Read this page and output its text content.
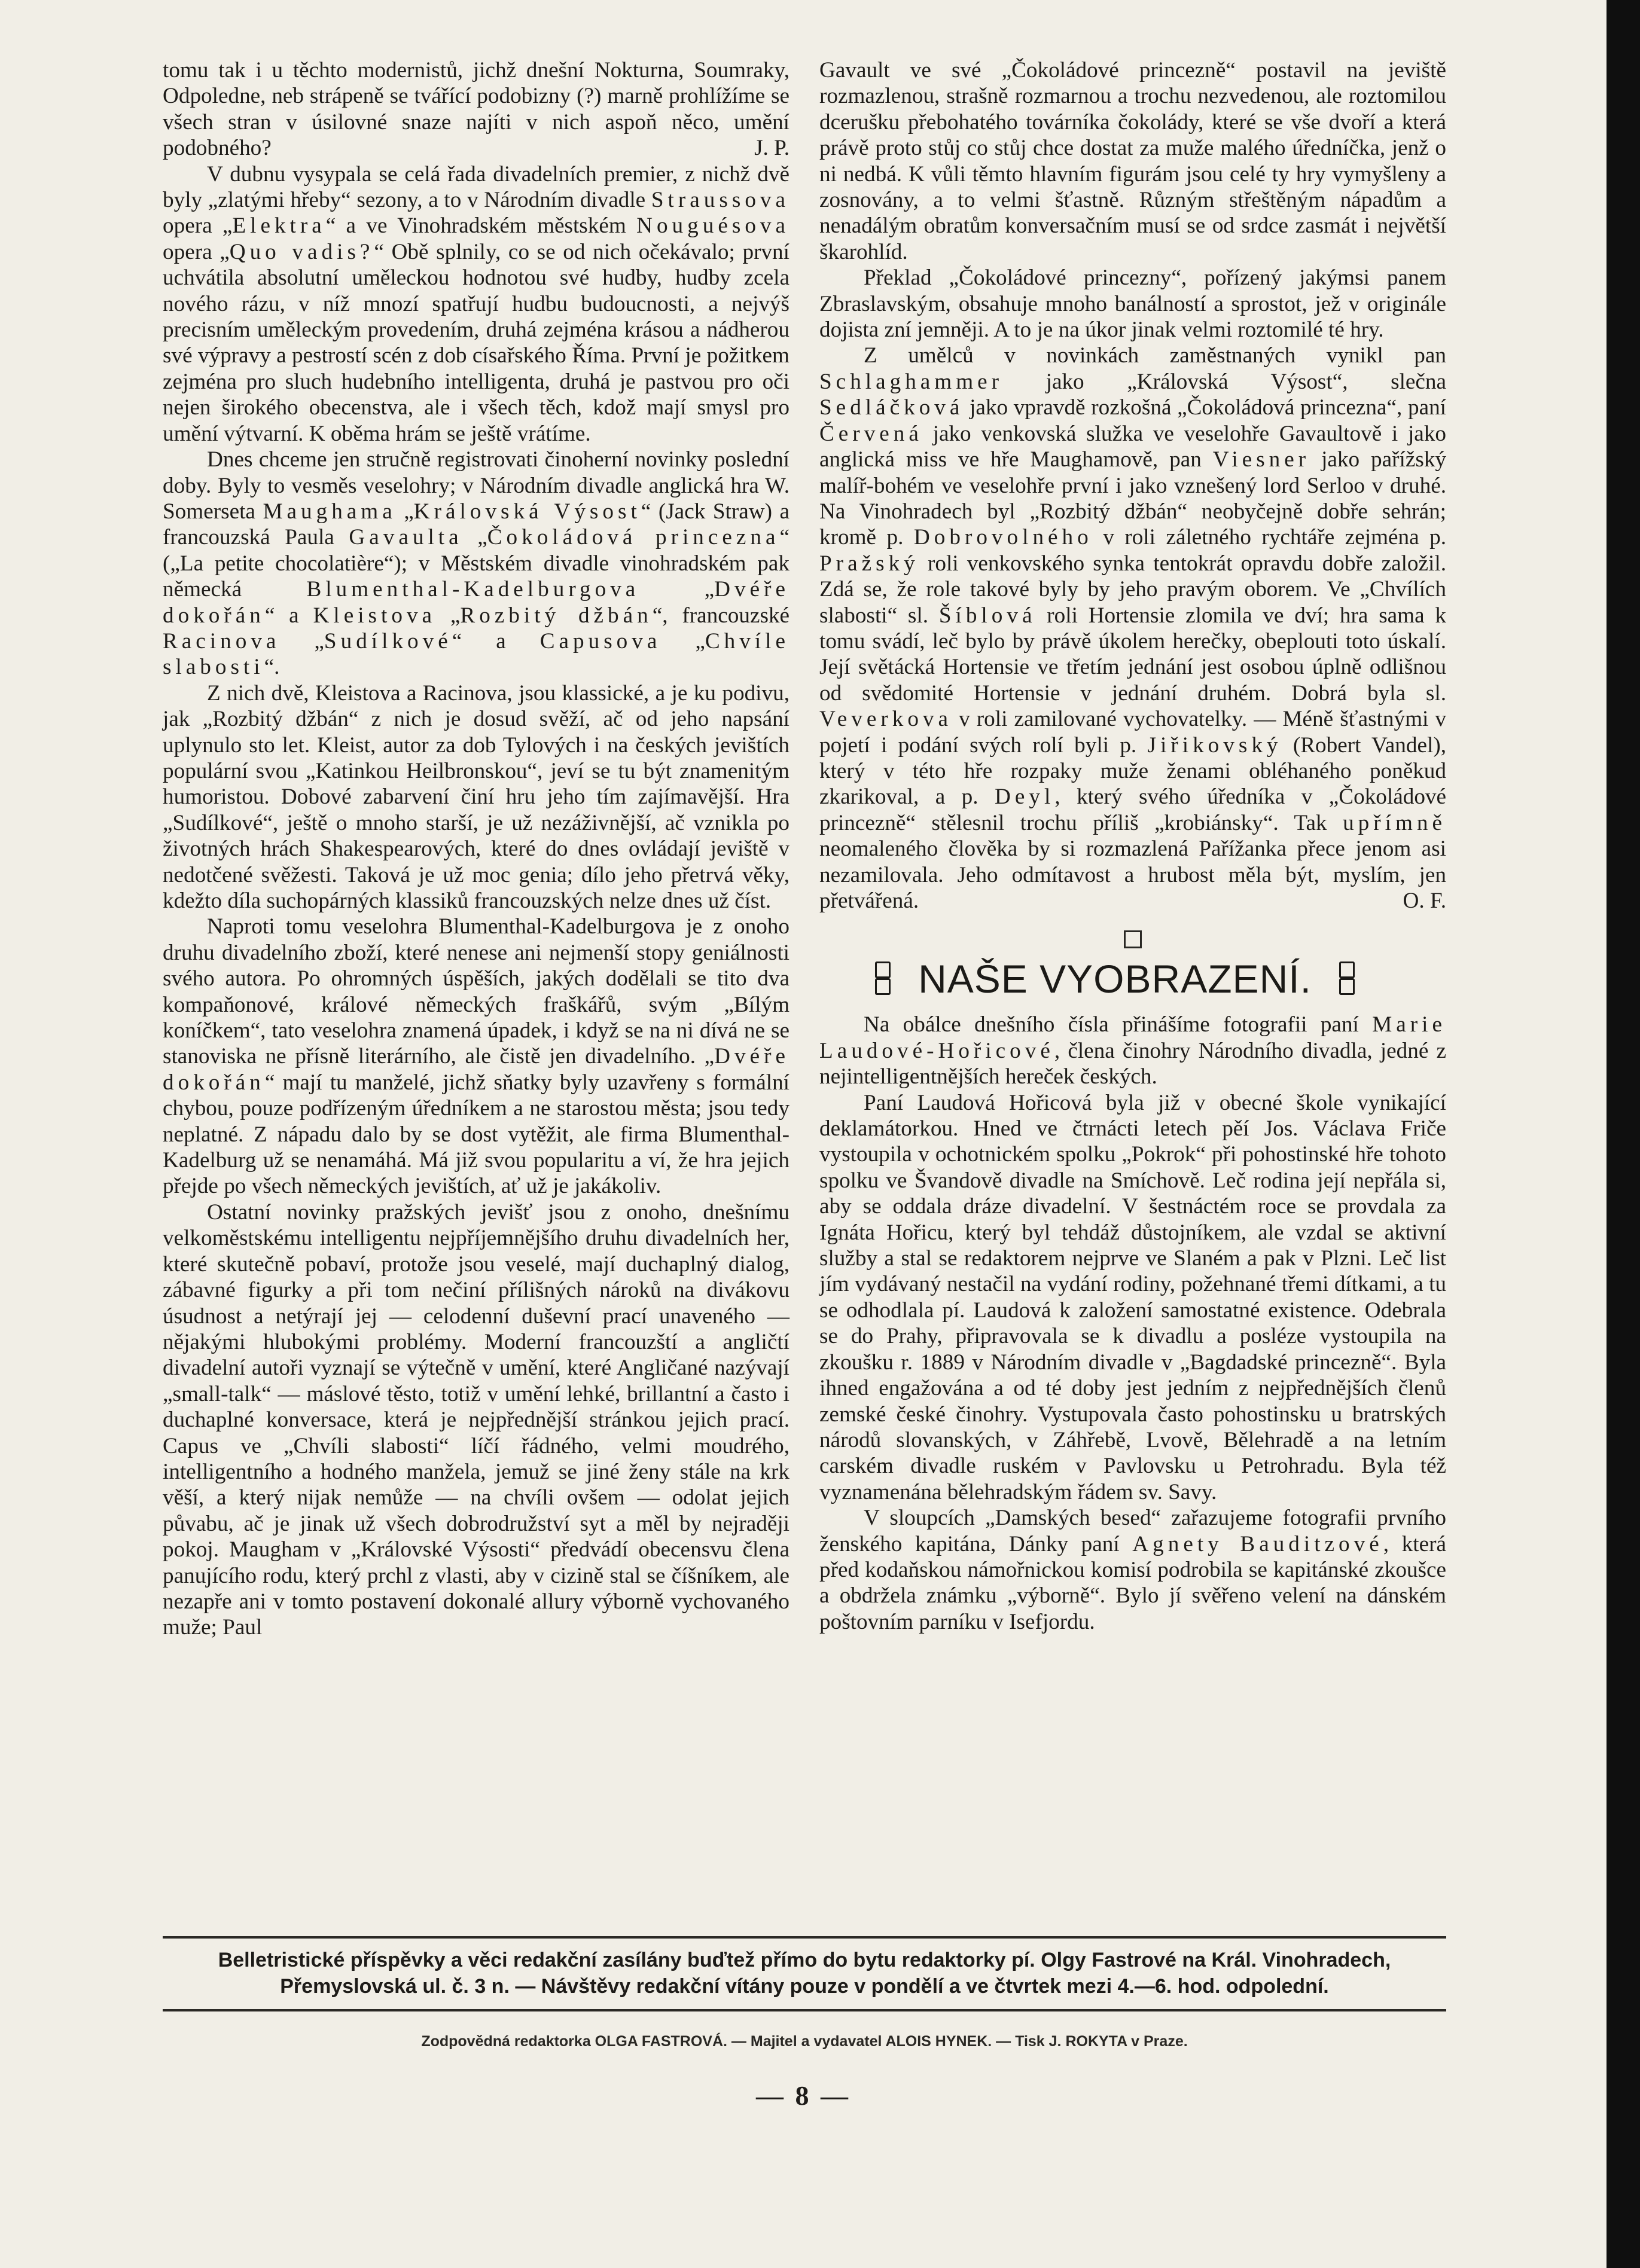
tomu tak i u těchto modernistů, jichž dnešní Nokturna, Soumraky, Odpoledne, neb strápeně se tvářící podobizny (?) marně prohlížíme se všech stran v úsilovné snaze najíti v nich aspoň něco, umění podobného?	J. P.

V dubnu vysypala se celá řada divadelních premier, z nichž dvě byly „zlatými hřeby“ sezony, a to v Národním divadle Straussova opera „Elektra“ a ve Vinohradském městském Nouguésova opera „Quo vadis?“ Obě splnily, co se od nich očekávalo; první uchvátila absolutní uměleckou hodnotou své hudby, hudby zcela nového rázu, v níž mnozí spatřují hudbu budoucnosti, a nejvýš precisním uměleckým provedením, druhá zejména krásou a nádherou své výpravy a pestrostí scén z dob císařského Říma. První je požitkem zejména pro sluch hudebního intelligenta, druhá je pastvou pro oči nejen širokého obecenstva, ale i všech těch, kdož mají smysl pro umění výtvarní. K oběma hrám se ještě vrátíme.

Dnes chceme jen stručně registrovati činoherní novinky poslední doby. Byly to vesměs veselohry; v Národním divadle anglická hra W. Somerseta Maughama „Královská Výsost“ (Jack Straw) a francouzská Paula Gavaulta „Čokoládová princezna“ („La petite chocolatière“); v Městském divadle vinohradském pak německá	Blumenthal-Kadelburgova	„Dvéře dokořán“ a Kleistova „Rozbitý džbán“, francouzské Racinova „Sudílkové“ a Capusova „Chvíle slabosti“.

Z nich dvě, Kleistova a Racinova, jsou klassické, a je ku podivu, jak „Rozbitý džbán“ z nich je dosud svěží, ač od jeho napsání uplynulo sto let. Kleist, autor za dob Tylových i na českých jevištích populární svou „Katinkou Heilbronskou“, jeví se tu být znamenitým humoristou. Dobové zabarvení činí hru jeho tím zajímavější. Hra „Sudílkové“, ještě o mnoho starší, je už nezáživnější, ač vznikla po životných hrách Shakespearových, které do dnes ovládají jeviště v nedotčené svěžesti. Taková je už moc genia; dílo jeho přetrvá věky, kdežto díla suchopárných klassiků francouzských nelze dnes už číst.

Naproti tomu veselohra Blumenthal-Kadelburgova je z onoho druhu divadelního zboží, které nenese ani nejmenší stopy geniálnosti svého autora. Po ohromných úspěších, jakých dodělali se tito dva kompaňonové, králové německých fraškářů, svým „Bílým koníčkem“, tato veselohra znamená úpadek, i když se na ni dívá ne se stanoviska ne přísně literárního, ale čistě jen divadelního. „Dvéře dokořán“ mají tu manželé, jichž sňatky byly uzavřeny s formální chybou, pouze podřízeným úředníkem a ne starostou města; jsou tedy neplatné. Z nápadu dalo by se dost vytěžit, ale firma Blumenthal-Kadelburg už se nenamáhá. Má již svou popularitu a ví, že hra jejich přejde po všech německých jevištích, ať už je jakákoliv.

Ostatní novinky pražských jevišť jsou z onoho, dnešnímu velkoměstskému intelligentu nejpříjemnějšího druhu divadelních her, které skutečně pobaví, protože jsou veselé, mají duchaplný dialog, zábavné figurky a při tom nečiní přílišných nároků na divákovu úsudnost a netýrají jej — celodenní duševní prací unaveného — nějakými hlubokými problémy. Moderní francouzští a angličtí divadelní autoři vyznají se výtečně v umění, které Angličané nazývají „small-talk“ — máslové těsto, totiž v umění lehké, brillantní a často i duchaplné konversace, která je nejpřednější stránkou jejich prací. Capus ve „Chvíli slabosti“ líčí řádného, velmi moudrého, intelligentního a hodného manžela, jemuž se jiné ženy stále na krk věší, a který nijak nemůže — na chvíli ovšem — odolat jejich půvabu, ač je jinak už všech dobrodružství syt a měl by nejraději pokoj. Maugham v „Královské Výsosti“ předvádí obecensvu člena panujícího rodu, který prchl z vlasti, aby v cizině stal se číšníkem, ale nezapře ani v tomto postavení dokonalé allury výborně vychovaného muže; Paul

Gavault ve své „Čokoládové princezně“ postavil na jeviště rozmazlenou, strašně rozmarnou a trochu nezvedenou, ale roztomilou dcerušku přebohatého továrníka čokolády, které se vše dvoří a která právě proto stůj co stůj chce dostat za muže malého úředníčka, jenž o ni nedbá. K vůli těmto hlavním figurám jsou celé ty hry vymyšleny a zosnovány, a to velmi šťastně. Různým střeštěným nápadům a nenadálým obratům konversačním musí se od srdce zasmát i největší škarohlíd.

Překlad „Čokoládové princezny“, pořízený jakýmsi panem Zbraslavským, obsahuje mnoho banálností a sprostot, jež v originále dojista zní jemněji. A to je na úkor jinak velmi roztomilé té hry.

Z umělců v novinkách zaměstnaných vynikl pan Schlaghammer jako „Královská Výsost“, slečna Sedláčková jako vpravdě rozkošná „Čokoládová princezna“, paní Červená jako venkovská služka ve veselohře Gavaultově i jako anglická miss ve hře Maughamově, pan Viesner jako pařížský malíř-bohém ve veselohře první i jako vznešený lord Serloo v druhé. Na Vinohradech byl „Rozbitý džbán“ neobyčejně dobře sehrán; kromě p. Dobrovolného v roli záletného rychtáře zejména p. Pražský roli venkovského synka tentokrát opravdu dobře založil. Zdá se, že role takové byly by jeho pravým oborem. Ve „Chvílích slabosti“ sl. Šíblová roli Hortensie zlomila ve dví; hra sama k tomu svádí, leč bylo by právě úkolem herečky, obeplouti toto úskalí. Její světácká Hortensie ve třetím jednání jest osobou úplně odlišnou od svědomité Hortensie v jednání druhém. Dobrá byla sl. Veverkova v roli zamilované vychovatelky. — Méně šťastnými v pojetí i podání svých rolí byli p. Jiřikovský (Robert Vandel), který v této hře rozpaky muže ženami obléhaného poněkud zkarikoval, a p. Deyl, který svého úředníka v „Čokoládové princezně“ stělesnil trochu příliš „krobiánsky“. Tak upřímně neomaleného člověka by si rozmazlená Pařížanka přece jenom asi nezamilovala. Jeho odmítavost a hrubost měla být, myslím, jen přetvářená.	O. F.

NAŠE VYOBRAZENÍ.

Na obálce dnešního čísla přinášíme fotografii paní Marie Laudové-Hořicové, člena činohry Národního divadla, jedné z nejintelligentnějších hereček českých.

Paní Laudová Hořicová byla již v obecné škole vynikající deklamátorkou. Hned ve čtrnácti letech pěí Jos. Václava Friče vystoupila v ochotnickém spolku „Pokrok“ při pohostinské hře tohoto spolku ve Švandově divadle na Smíchově. Leč rodina její nepřála si, aby se oddala dráze divadelní. V šestnáctém roce se provdala za Ignáta Hořicu, který byl tehdáž důstojníkem, ale vzdal se aktivní služby a stal se redaktorem nejprve ve Slaném a pak v Plzni. Leč list jím vydávaný nestačil na vydání rodiny, požehnané třemi dítkami, a tu se odhodlala pí. Laudová k založení samostatné existence. Odebrala se do Prahy, připravovala se k divadlu a posléze vystoupila na zkoušku r. 1889 v Národním divadle v „Bagdadské princezně“. Byla ihned engažována a od té doby jest jedním z nejpřednějších členů zemské české činohry. Vystupovala často pohostinsku u bratrských národů slovanských, v Záhřebě, Lvově, Bělehradě a na letním carském divadle ruském v Pavlovsku u Petrohradu. Byla též vyznamenána bělehradským řádem sv. Savy.

V sloupcích „Damských besed“ zařazujeme fotografii prvního ženského kapitána, Dánky paní Agnety Bauditzové, která před kodaňskou námořnickou komisí podrobila se kapitánské zkoušce a obdržela známku „výborně“. Bylo jí svěřeno velení na dánském poštovním parníku v Isefjordu.

Belletristické příspěvky a věci redakční zasílány buďtež přímo do bytu redaktorky pí. Olgy Fastrové na Král. Vinohradech,
Přemyslovská ul. č. 3 n. — Návštěvy redakční vítány pouze v pondělí a ve čtvrtek mezi 4.—6. hod. odpolední.
Zodpovědná redaktorka OLGA FASTROVÁ. — Majitel a vydavatel ALOIS HYNEK. — Tisk J. ROKYTA v Praze.
— 8 —
